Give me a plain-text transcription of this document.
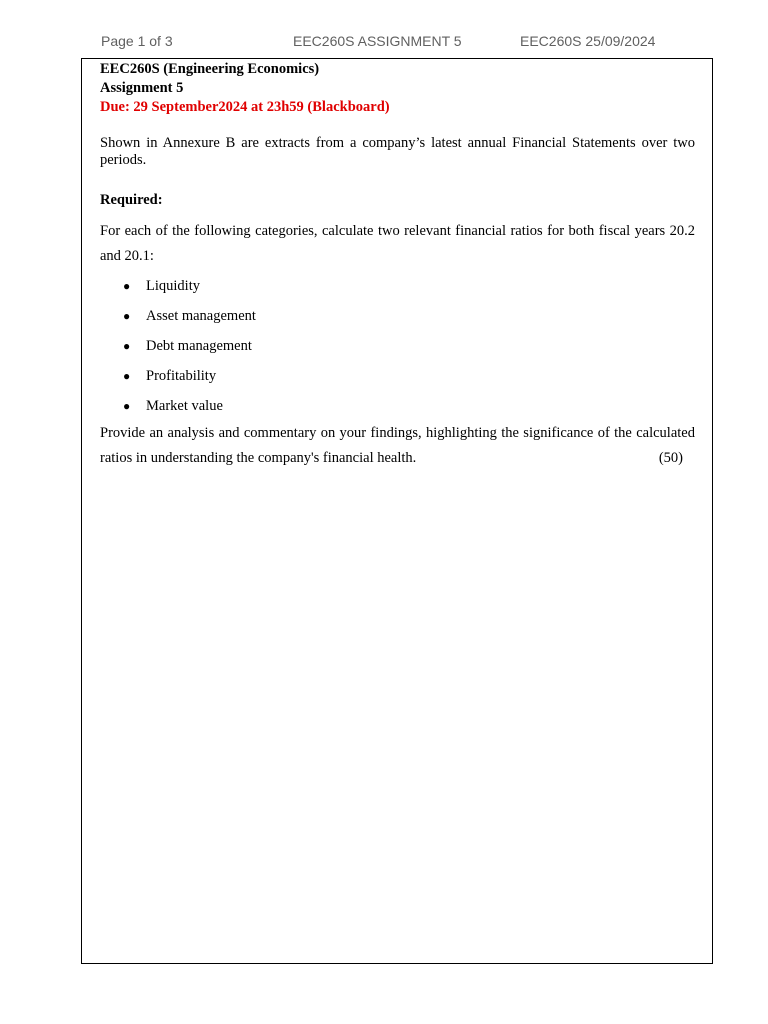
Page 1 of 3	EEC260S ASSIGNMENT 5	EEC260S 25/09/2024
EEC260S (Engineering Economics)
Assignment 5
Due: 29 September2024 at 23h59 (Blackboard)
Shown in Annexure B are extracts from a company’s latest annual Financial Statements over two periods.
Required:
For each of the following categories, calculate two relevant financial ratios for both fiscal years 20.2 and 20.1:
● Liquidity
● Asset management
● Debt management
● Profitability
● Market value
Provide an analysis and commentary on your findings, highlighting the significance of the calculated ratios in understanding the company's financial health.	(50)
